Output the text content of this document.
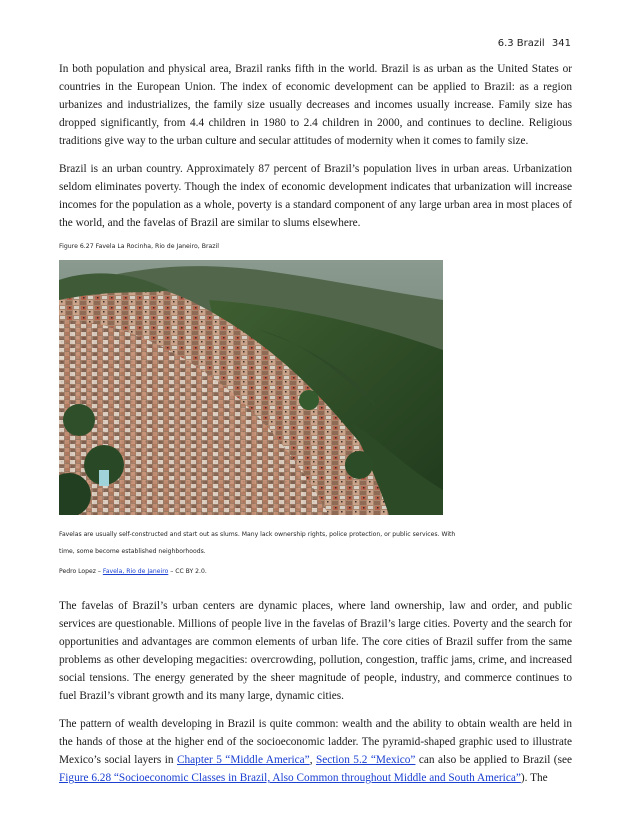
6.3 Brazil 341

In both population and physical area, Brazil ranks fifth in the world. Brazil is as urban as the United States or countries in the European Union. The index of economic development can be applied to Brazil: as a region urbanizes and industrializes, the family size usually decreases and incomes usually increase. Family size has dropped significantly, from 4.4 children in 1980 to 2.4 children in 2000, and continues to decline. Religious traditions give way to the urban culture and secular attitudes of modernity when it comes to family size.

Brazil is an urban country. Approximately 87 percent of Brazil’s population lives in urban areas. Urbanization seldom eliminates poverty. Though the index of economic development indicates that urbanization will increase incomes for the population as a whole, poverty is a standard component of any large urban area in most places of the world, and the favelas of Brazil are similar to slums elsewhere.

Figure 6.27 Favela La Rocinha, Rio de Janeiro, Brazil
Favelas are usually self-constructed and start out as slums. Many lack ownership rights, police protection, or public services. With time, some become established neighborhoods.
Pedro Lopez – Favela, Rio de Janeiro – CC BY 2.0.

The favelas of Brazil’s urban centers are dynamic places, where land ownership, law and order, and public services are questionable. Millions of people live in the favelas of Brazil’s large cities. Poverty and the search for opportunities and advantages are common elements of urban life. The core cities of Brazil suffer from the same problems as other developing megacities: overcrowding, pollution, congestion, traffic jams, crime, and increased social tensions. The energy generated by the sheer magnitude of people, industry, and commerce continues to fuel Brazil’s vibrant growth and its many large, dynamic cities.

The pattern of wealth developing in Brazil is quite common: wealth and the ability to obtain wealth are held in the hands of those at the higher end of the socioeconomic ladder. The pyramid-shaped graphic used to illustrate Mexico’s social layers in Chapter 5 “Middle America”, Section 5.2 “Mexico” can also be applied to Brazil (see Figure 6.28 “Socioeconomic Classes in Brazil, Also Common throughout Middle and South America”). The
